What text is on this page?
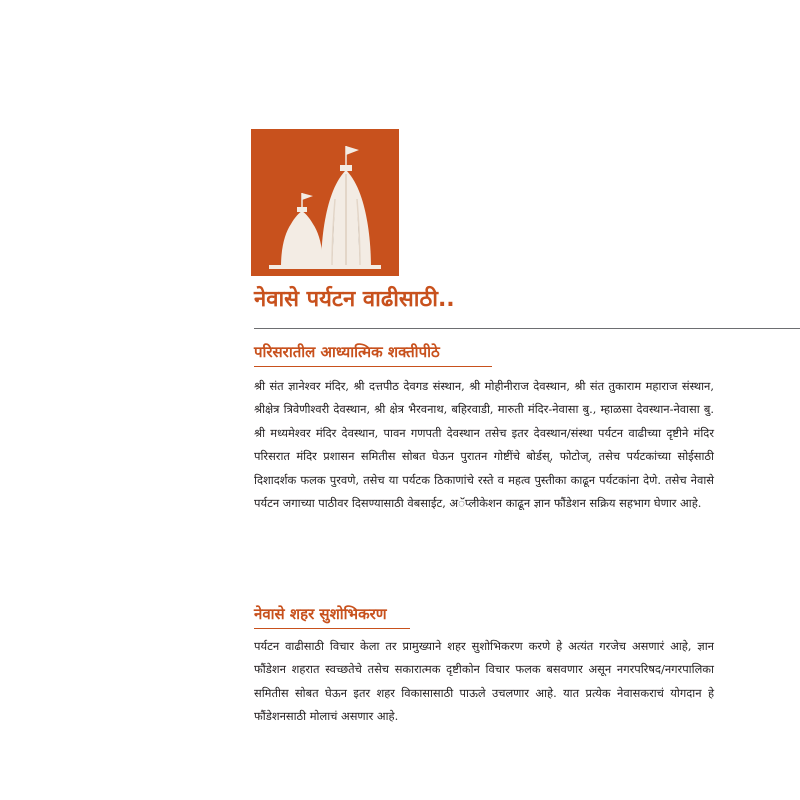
नेवासे पर्यटन वाढीसाठी..
परिसरातील आध्यात्मिक शक्तीपीठे

श्री संत ज्ञानेश्वर मंदिर, श्री दत्तपीठ देवगड संस्थान, श्री मोहीनीराज देवस्थान, श्री संत तुकाराम महाराज संस्थान, श्रीक्षेत्र त्रिवेणीश्वरी देवस्थान, श्री क्षेत्र भैरवनाथ, बहिरवाडी, मारुती मंदिर-नेवासा बु., म्हाळसा देवस्थान-नेवासा बु. श्री मध्यमेश्वर मंदिर देवस्थान, पावन गणपती देवस्थान तसेच इतर देवस्थान/संस्था पर्यटन वाढीच्या दृष्टीने मंदिर परिसरात मंदिर प्रशासन समितीस सोबत घेऊन पुरातन गोष्टींचे बोर्डस्, फोटोज्, तसेच पर्यटकांच्या सोईसाठी दिशादर्शक फलक पुरवणे, तसेच या पर्यटक ठिकाणांचे रस्ते व महत्व पुस्तीका काढून पर्यटकांना देणे. तसेच नेवासे पर्यटन जगाच्या पाठीवर दिसण्यासाठी वेबसाईट, अॅप्लीकेशन काढून ज्ञान फौंडेशन सक्रिय सहभाग घेणार आहे.

नेवासे शहर सुशोभिकरण

पर्यटन वाढीसाठी विचार केला तर प्रामुख्याने शहर सुशोभिकरण करणे हे अत्यंत गरजेच असणारं आहे, ज्ञान फौंडेशन शहरात स्वच्छतेचे तसेच सकारात्मक दृष्टीकोन विचार फलक बसवणार असून नगरपरिषद/नगरपालिका समितीस सोबत घेऊन इतर शहर विकासासाठी पाऊले उचलणार आहे. यात प्रत्येक नेवासकराचं योगदान हे फौंडेशनसाठी मोलाचं असणार आहे.
